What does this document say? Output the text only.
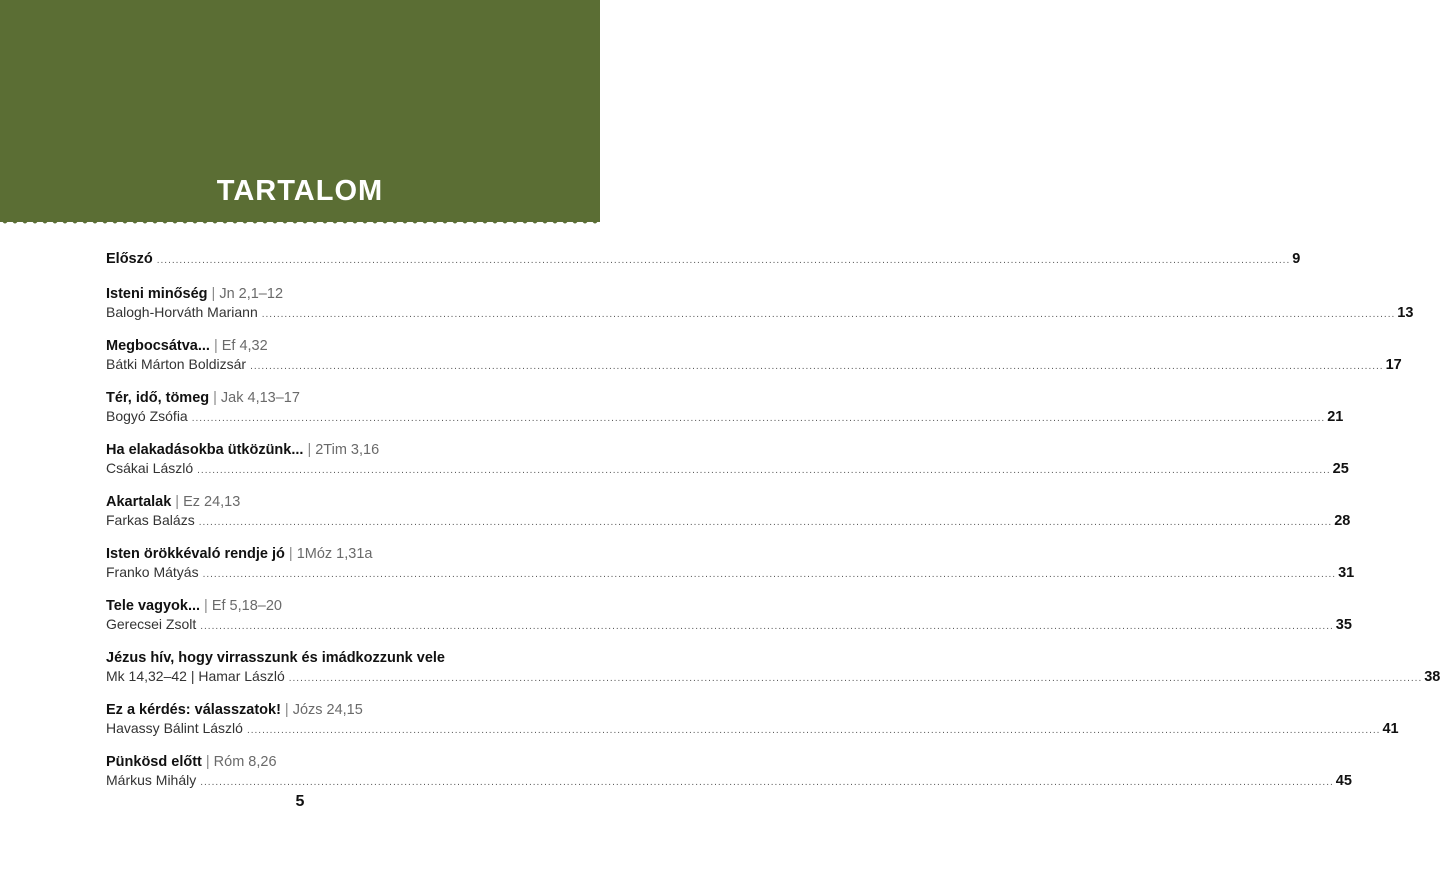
TARTALOM
Előszó ............................................................................................................................................................................................................................................................................................................ 9
Isteni minőség | Jn 2,1–12
Balogh-Horváth Mariann ............................................................................................................................................................................................................................................................................................................ 13
Megbocsátva... | Ef 4,32
Bátki Márton Boldizsár ............................................................................................................................................................................................................................................................................................................ 17
Tér, idő, tömeg | Jak 4,13–17
Bogyó Zsófia ............................................................................................................................................................................................................................................................................................................ 21
Ha elakadásokba ütközünk... | 2Tim 3,16
Csákai László ............................................................................................................................................................................................................................................................................................................ 25
Akartalak | Ez 24,13
Farkas Balázs ............................................................................................................................................................................................................................................................................................................ 28
Isten örökkévaló rendje jó | 1Móz 1,31a
Franko Mátyás ............................................................................................................................................................................................................................................................................................................ 31
Tele vagyok... | Ef 5,18–20
Gerecsei Zsolt ............................................................................................................................................................................................................................................................................................................ 35
Jézus hív, hogy virrasszunk és imádkozzunk vele
Mk 14,32–42 | Hamar László ............................................................................................................................................................................................................................................................................................................ 38
Ez a kérdés: válasszatok! | Józs 24,15
Havassy Bálint László ............................................................................................................................................................................................................................................................................................................ 41
Pünkösd előtt | Róm 8,26
Márkus Mihály ............................................................................................................................................................................................................................................................................................................ 45
5
